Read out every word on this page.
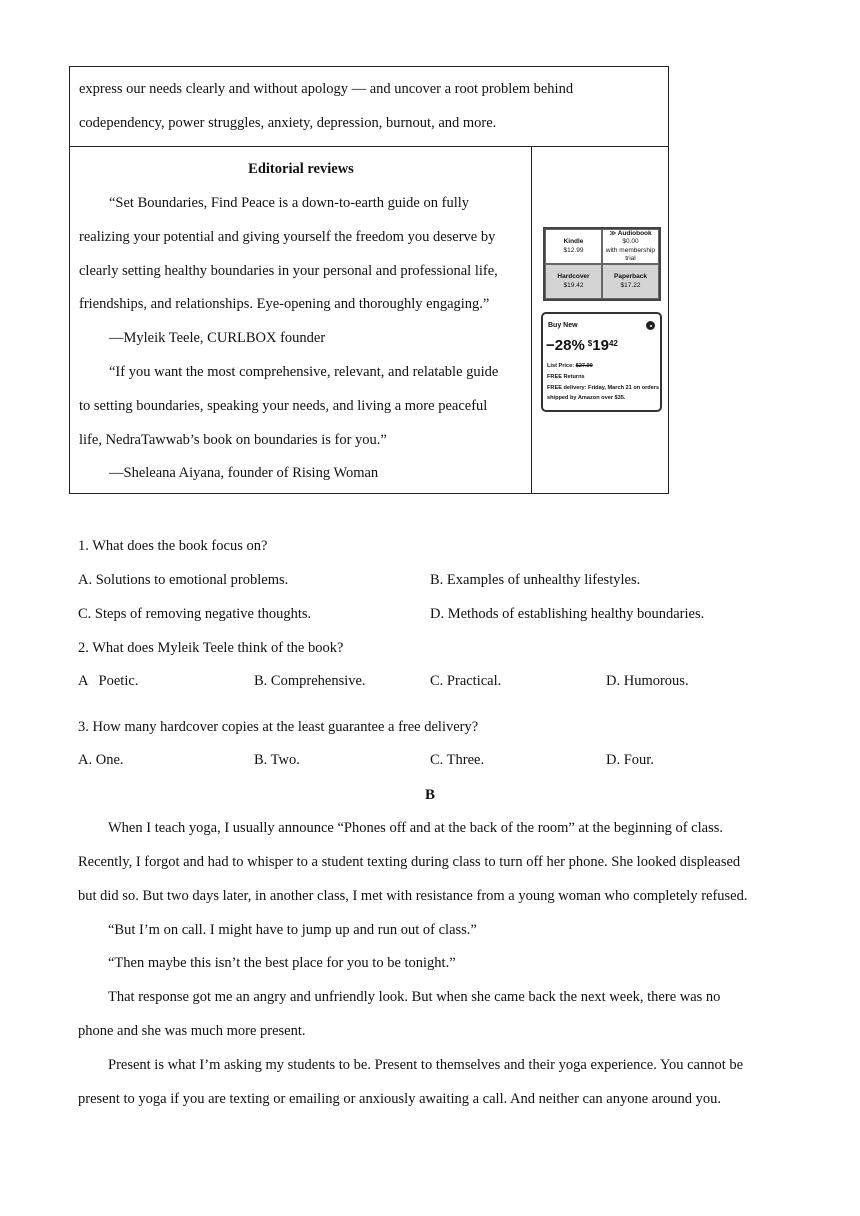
express our needs clearly and without apology — and uncover a root problem behind
codependency, power struggles, anxiety, depression, burnout, and more.
Editorial reviews
“Set Boundaries, Find Peace is a down-to-earth guide on fully
realizing your potential and giving yourself the freedom you deserve by
clearly setting healthy boundaries in your personal and professional life,
friendships, and relationships. Eye-opening and thoroughly engaging.”
—Myleik Teele, CURLBOX founder
“If you want the most comprehensive, relevant, and relatable guide
to setting boundaries, speaking your needs, and living a more peaceful
life, NedraTawwab’s book on boundaries is for you.”
—Sheleana Aiyana, founder of Rising Woman
Kindle
$12.99
≫ Audiobook
$0.00
with membership trial
Hardcover
$19.42
Paperback
$17.22
Buy New
−28% $^{\$}19^{42}$
List Price: $27.00
FREE Returns
FREE delivery: Friday, March 21 on orders
shipped by Amazon over $35.
1. What does the book focus on?
A. Solutions to emotional problems.	B. Examples of unhealthy lifestyles.
C. Steps of removing negative thoughts.	D. Methods of establishing healthy boundaries.
2. What does Myleik Teele think of the book?
A   Poetic.	B. Comprehensive.	C. Practical.	D. Humorous.
3. How many hardcover copies at the least guarantee a free delivery?
A. One.	B. Two.	C. Three.	D. Four.
B
When I teach yoga, I usually announce “Phones off and at the back of the room” at the beginning of class.
Recently, I forgot and had to whisper to a student texting during class to turn off her phone. She looked displeased
but did so. But two days later, in another class, I met with resistance from a young woman who completely refused.
“But I’m on call. I might have to jump up and run out of class.”
“Then maybe this isn’t the best place for you to be tonight.”
That response got me an angry and unfriendly look. But when she came back the next week, there was no
phone and she was much more present.
Present is what I’m asking my students to be. Present to themselves and their yoga experience. You cannot be
present to yoga if you are texting or emailing or anxiously awaiting a call. And neither can anyone around you.
